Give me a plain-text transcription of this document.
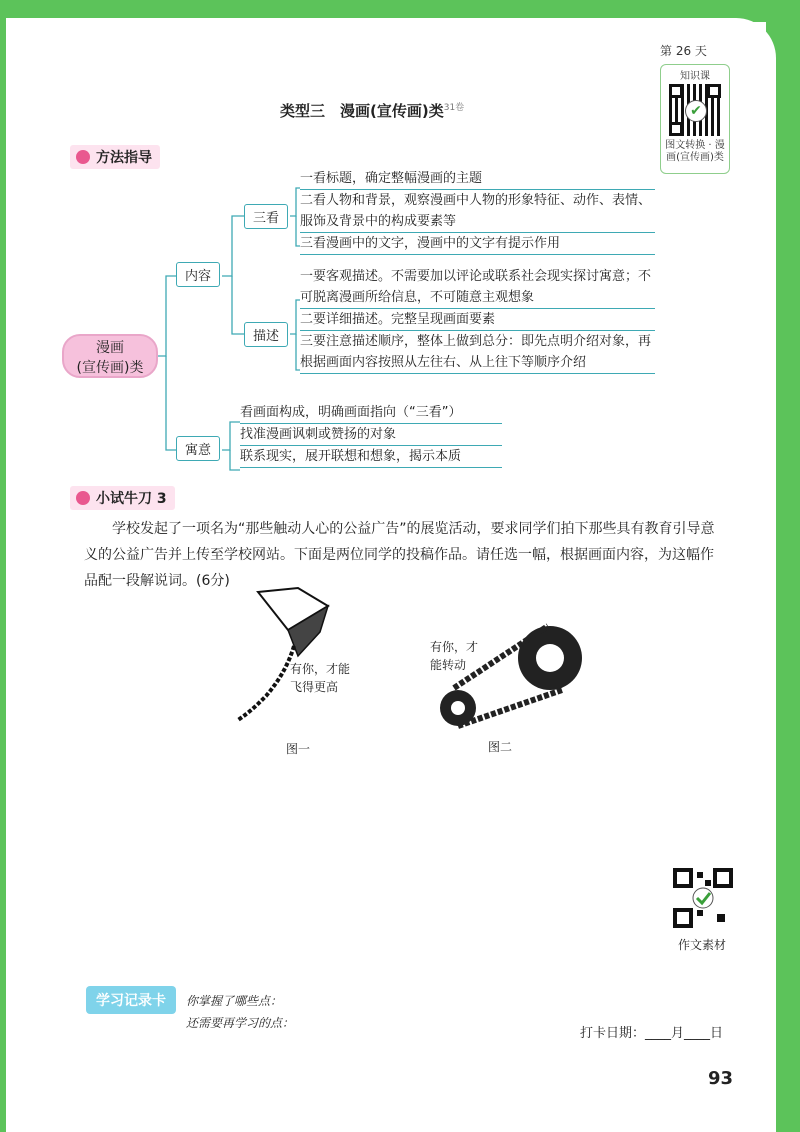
第 26 天
知识课
✔
图文转换 · 漫
画(宣传画)类
类型三　漫画(宣传画)类$^{31卷}$
方法指导
漫画
(宣传画)类
内容
寓意
三看
描述
一看标题，确定整幅漫画的主题
二看人物和背景，观察漫画中人物的形象特征、动作、表情、服饰及背景中的构成要素等
三看漫画中的文字，漫画中的文字有提示作用
一要客观描述。不需要加以评论或联系社会现实探讨寓意；不可脱离漫画所给信息，不可随意主观想象
二要详细描述。完整呈现画面要素
三要注意描述顺序，整体上做到总分：即先点明介绍对象，再根据画面内容按照从左往右、从上往下等顺序介绍
看画面构成，明确画面指向（“三看”）
找准漫画讽刺或赞扬的对象
联系现实，展开联想和想象，揭示本质
小试牛刀 3
学校发起了一项名为“那些触动人心的公益广告”的展览活动，要求同学们拍下那些具有教育引导意义的公益广告并上传至学校网站。下面是两位同学的投稿作品。请任选一幅，根据画面内容，为这幅作品配一段解说词。(6分)
有你，才能
飞得更高
图一
有你，才
能转动
图二
作文素材
学习记录卡	你掌握了哪些点：
还需要再学习的点：
打卡日期：____月____日
93
